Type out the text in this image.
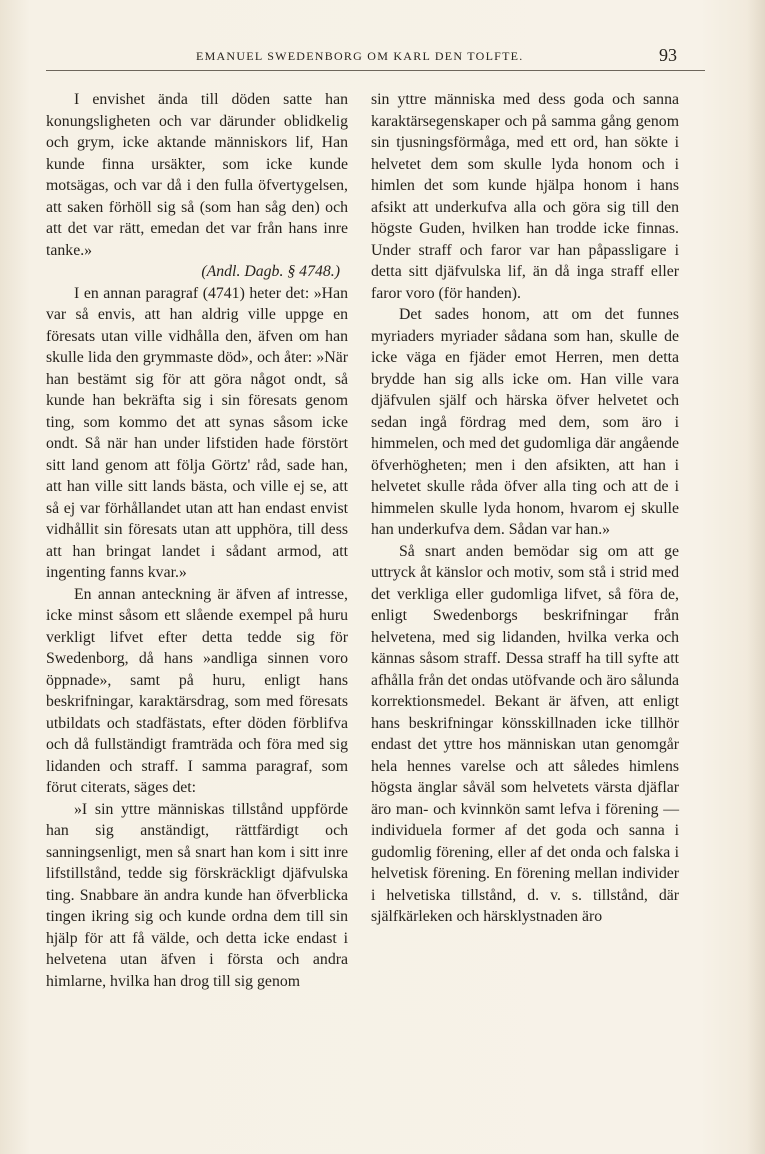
EMANUEL SWEDENBORG OM KARL DEN TOLFTE.	93

I envishet ända till döden satte han konungsligheten och var därunder oblidkelig och grym, icke aktande människors lif, Han kunde finna ursäkter, som icke kunde motsägas, och var då i den fulla öfvertygelsen, att saken förhöll sig så (som han såg den) och att det var rätt, emedan det var från hans inre tanke.»
(Andl. Dagb. § 4748.)

I en annan paragraf (4741) heter det: »Han var så envis, att han aldrig ville uppge en föresats utan ville vidhålla den, äfven om han skulle lida den grymmaste död», och åter: »När han bestämt sig för att göra något ondt, så kunde han bekräfta sig i sin föresats genom ting, som kommo det att synas såsom icke ondt. Så när han under lifstiden hade förstört sitt land genom att följa Görtz' råd, sade han, att han ville sitt lands bästa, och ville ej se, att så ej var förhållandet utan att han endast envist vidhållit sin föresats utan att upphöra, till dess att han bringat landet i sådant armod, att ingenting fanns kvar.»

En annan anteckning är äfven af intresse, icke minst såsom ett slående exempel på huru verkligt lifvet efter detta tedde sig för Swedenborg, då hans »andliga sinnen voro öppnade», samt på huru, enligt hans beskrifningar, karaktärsdrag, som med föresats utbildats och stadfästats, efter döden förblifva och då fullständigt framträda och föra med sig lidanden och straff. I samma paragraf, som förut citerats, säges det:

»I sin yttre människas tillstånd uppförde han sig anständigt, rättfärdigt och sanningsenligt, men så snart han kom i sitt inre lifstillstånd, tedde sig förskräckligt djäfvulska ting. Snabbare än andra kunde han öfverblicka tingen ikring sig och kunde ordna dem till sin hjälp för att få välde, och detta icke endast i helvetena utan äfven i första och andra himlarne, hvilka han drog till sig genom

sin yttre människa med dess goda och sanna karaktärsegenskaper och på samma gång genom sin tjusningsförmåga, med ett ord, han sökte i helvetet dem som skulle lyda honom och i himlen det som kunde hjälpa honom i hans afsikt att underkufva alla och göra sig till den högste Guden, hvilken han trodde icke finnas. Under straff och faror var han påpassligare i detta sitt djäfvulska lif, än då inga straff eller faror voro (för handen).

Det sades honom, att om det funnes myriaders myriader sådana som han, skulle de icke väga en fjäder emot Herren, men detta brydde han sig alls icke om. Han ville vara djäfvulen själf och härska öfver helvetet och sedan ingå fördrag med dem, som äro i himmelen, och med det gudomliga där angående öfverhögheten; men i den afsikten, att han i helvetet skulle råda öfver alla ting och att de i himmelen skulle lyda honom, hvarom ej skulle han underkufva dem. Sådan var han.»

Så snart anden bemödar sig om att ge uttryck åt känslor och motiv, som stå i strid med det verkliga eller gudomliga lifvet, så föra de, enligt Swedenborgs beskrifningar från helvetena, med sig lidanden, hvilka verka och kännas såsom straff. Dessa straff ha till syfte att afhålla från det ondas utöfvande och äro sålunda korrektionsmedel. Bekant är äfven, att enligt hans beskrifningar könsskillnaden icke tillhör endast det yttre hos människan utan genomgår hela hennes varelse och att således himlens högsta änglar såväl som helvetets värsta djäflar äro man- och kvinnkön samt lefva i förening — individuela former af det goda och sanna i gudomlig förening, eller af det onda och falska i helvetisk förening. En förening mellan individer i helvetiska tillstånd, d. v. s. tillstånd, där själfkärleken och härsklystnaden äro
